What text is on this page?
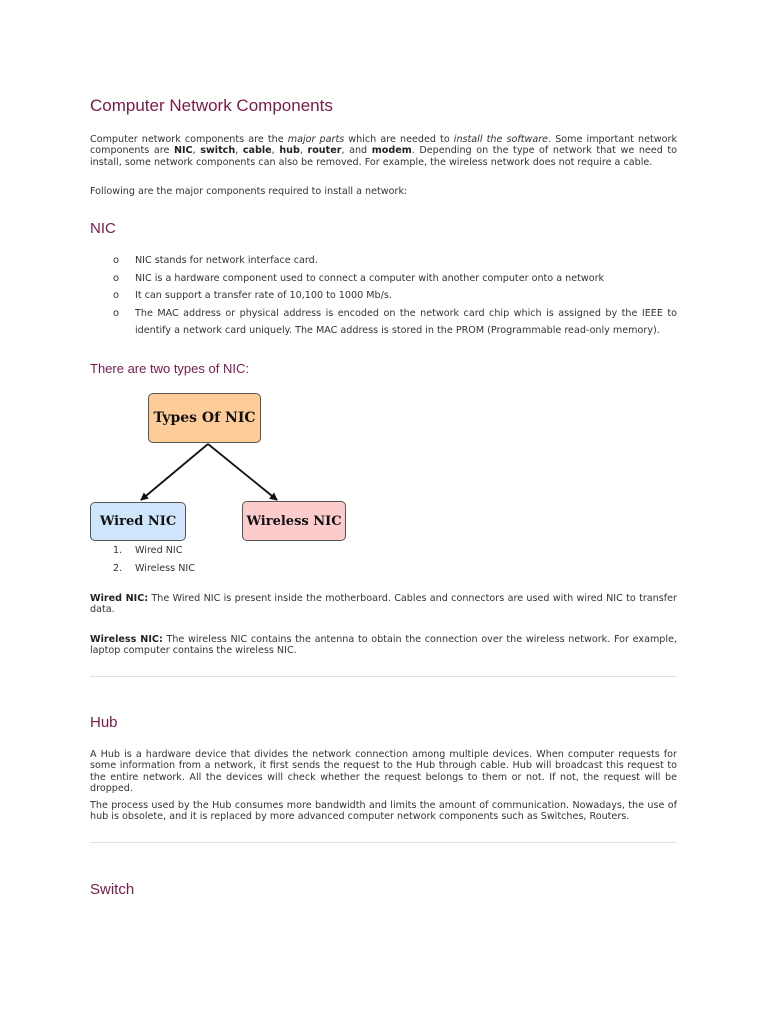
Computer Network Components

Computer network components are the major parts which are needed to install the software. Some important network components are NIC, switch, cable, hub, router, and modem. Depending on the type of network that we need to install, some network components can also be removed. For example, the wireless network does not require a cable.

Following are the major components required to install a network:

NIC
o NIC stands for network interface card.
o NIC is a hardware component used to connect a computer with another computer onto a network
o It can support a transfer rate of 10,100 to 1000 Mb/s.
o The MAC address or physical address is encoded on the network card chip which is assigned by the IEEE to identify a network card uniquely. The MAC address is stored in the PROM (Programmable read-only memory).
There are two types of NIC:
Types Of NIC
Wired NIC	Wireless NIC
1. Wired NIC
2. Wireless NIC

Wired NIC: The Wired NIC is present inside the motherboard. Cables and connectors are used with wired NIC to transfer data.

Wireless NIC: The wireless NIC contains the antenna to obtain the connection over the wireless network. For example, laptop computer contains the wireless NIC.

Hub

A Hub is a hardware device that divides the network connection among multiple devices. When computer requests for some information from a network, it first sends the request to the Hub through cable. Hub will broadcast this request to the entire network. All the devices will check whether the request belongs to them or not. If not, the request will be dropped.

The process used by the Hub consumes more bandwidth and limits the amount of communication. Nowadays, the use of hub is obsolete, and it is replaced by more advanced computer network components such as Switches, Routers.

Switch
